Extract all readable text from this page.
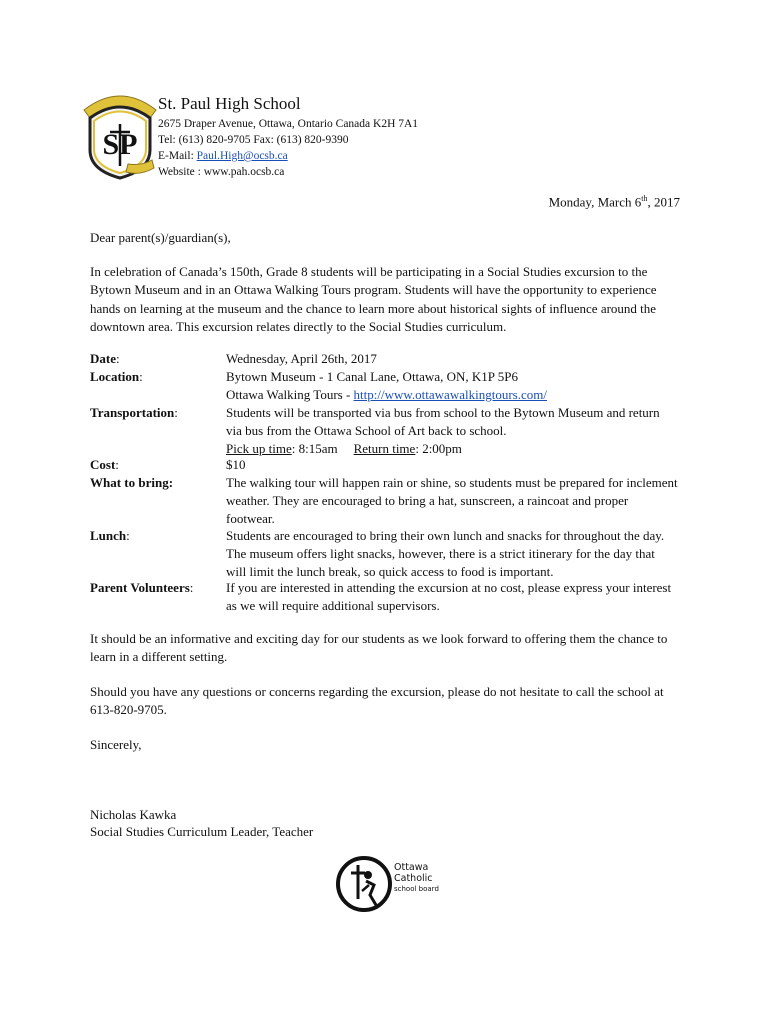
SP
St. Paul High School
2675 Draper Avenue, Ottawa, Ontario Canada K2H 7A1
Tel: (613) 820-9705 Fax: (613) 820-9390
E-Mail: Paul.High@ocsb.ca
Website : www.pah.ocsb.ca
Monday, March 6th, 2017
Dear parent(s)/guardian(s),
In celebration of Canada’s 150th, Grade 8 students will be participating in a Social Studies excursion to the Bytown Museum and in an Ottawa Walking Tours program. Students will have the opportunity to experience hands on learning at the museum and the chance to learn more about historical sights of influence around the downtown area. This excursion relates directly to the Social Studies curriculum.
Date:	Wednesday, April 26th, 2017
Location:	Bytown Museum - 1 Canal Lane, Ottawa, ON, K1P 5P6
Ottawa Walking Tours - http://www.ottawawalkingtours.com/
Transportation:	Students will be transported via bus from school to the Bytown Museum and return via bus from the Ottawa School of Art back to school.
Pick up time: 8:15am Return time: 2:00pm
Cost:	$10
What to bring:	The walking tour will happen rain or shine, so students must be prepared for inclement weather. They are encouraged to bring a hat, sunscreen, a raincoat and proper footwear.
Lunch:	Students are encouraged to bring their own lunch and snacks for throughout the day. The museum offers light snacks, however, there is a strict itinerary for the day that will limit the lunch break, so quick access to food is important.
Parent Volunteers:	If you are interested in attending the excursion at no cost, please express your interest as we will require additional supervisors.
It should be an informative and exciting day for our students as we look forward to offering them the chance to learn in a different setting.
Should you have any questions or concerns regarding the excursion, please do not hesitate to call the school at 613-820-9705.
Sincerely,
Nicholas Kawka
Social Studies Curriculum Leader, Teacher
Ottawa
Catholic
school board
